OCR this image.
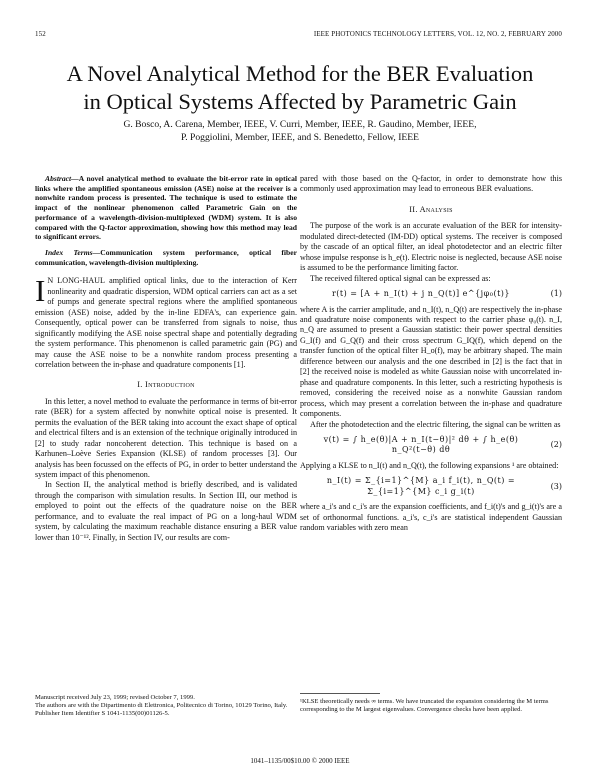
152	IEEE PHOTONICS TECHNOLOGY LETTERS, VOL. 12, NO. 2, FEBRUARY 2000
A Novel Analytical Method for the BER Evaluation
in Optical Systems Affected by Parametric Gain
G. Bosco, A. Carena, Member, IEEE, V. Curri, Member, IEEE, R. Gaudino, Member, IEEE,
P. Poggiolini, Member, IEEE, and S. Benedetto, Fellow, IEEE

Abstract—A novel analytical method to evaluate the bit-error rate in optical links where the amplified spontaneous emission (ASE) noise at the receiver is a nonwhite random process is presented. The technique is used to estimate the impact of the nonlinear phenomenon called Parametric Gain on the performance of a wavelength-division-multiplexed (WDM) system. It is also compared with the Q-factor approximation, showing how this method may lead to significant errors.

Index Terms—Communication system performance, optical fiber communication, wavelength-division multiplexing.

I N LONG-HAUL amplified optical links, due to the interaction of Kerr nonlinearity and quadratic dispersion, WDM optical carriers can act as a set of pumps and generate spectral regions where the amplified spontaneous emission (ASE) noise, added by the in-line EDFA's, can experience gain. Consequently, optical power can be transferred from signals to noise, thus significantly modifying the ASE noise spectral shape and potentially degrading the system performance. This phenomenon is called parametric gain (PG) and may cause the ASE noise to be a nonwhite random process presenting a correlation between the in-phase and quadrature components [1].

I. Introduction

In this letter, a novel method to evaluate the performance in terms of bit-error rate (BER) for a system affected by nonwhite optical noise is presented. It permits the evaluation of the BER taking into account the exact shape of optical and electrical filters and is an extension of the technique originally introduced in [2] to study radar noncoherent detection. This technique is based on a Karhunen–Loève Series Expansion (KLSE) of random processes [3]. Our analysis has been focussed on the effects of PG, in order to better understand the system impact of this phenomenon.

In Section II, the analytical method is briefly described, and is validated through the comparison with simulation results. In Section III, our method is employed to point out the effects of the quadrature noise on the BER performance, and to evaluate the real impact of PG on a long-haul WDM system, by calculating the maximum reachable distance ensuring a BER value lower than 10⁻¹². Finally, in Section IV, our results are com-

pared with those based on the Q-factor, in order to demonstrate how this commonly used approximation may lead to erroneous BER evaluations.

II. Analysis

The purpose of the work is an accurate evaluation of the BER for intensity-modulated direct-detected (IM-DD) optical systems. The receiver is composed by the cascade of an optical filter, an ideal photodetector and an electric filter whose impulse response is h_e(t). Electric noise is neglected, because ASE noise is assumed to be the performance limiting factor.

The received filtered optical signal can be expressed as:

r(t) = [A + n_I(t) + j n_Q(t)] e^{jφ₀(t)}	(1)

where A is the carrier amplitude, and n_I(t), n_Q(t) are respectively the in-phase and quadrature noise components with respect to the carrier phase φ₀(t). n_I, n_Q are assumed to present a Gaussian statistic: their power spectral densities G_I(f) and G_Q(f) and their cross spectrum G_IQ(f), which depend on the transfer function of the optical filter H_o(f), may be arbitrary shaped. The main difference between our analysis and the one described in [2] is the fact that in [2] the received noise is modeled as white Gaussian noise with uncorrelated in-phase and quadrature components. In this letter, such a restricting hypothesis is removed, considering the received noise as a nonwhite Gaussian random process, which may present a correlation between the in-phase and quadrature components.

After the photodetection and the electric filtering, the signal can be written as

v(t) = ∫ h_e(θ)|A + n_I(t−θ)|² dθ + ∫ h_e(θ) n_Q²(t−θ) dθ
(2)

Applying a KLSE to n_I(t) and n_Q(t), the following expansions ¹ are obtained:

n_I(t) = Σ_{i=1}^{M} a_i f_i(t), n_Q(t) = Σ_{i=1}^{M} c_i g_i(t)
(3)

where a_i's and c_i's are the expansion coefficients, and f_i(t)'s and g_i(t)'s are a set of orthonormal functions. a_i's, c_i's are statistical independent Gaussian random variables with zero mean

Manuscript received July 23, 1999; revised October 7, 1999.
The authors are with the Dipartimento di Elettronica, Politecnico di Torino, 10129 Torino, Italy.
Publisher Item Identifier S 1041-1135(00)01126-5.
¹KLSE theoretically needs ∞ terms. We have truncated the expansion considering the M terms corresponding to the M largest eigenvalues. Convergence checks have been applied.
1041–1135/00$10.00 © 2000 IEEE
